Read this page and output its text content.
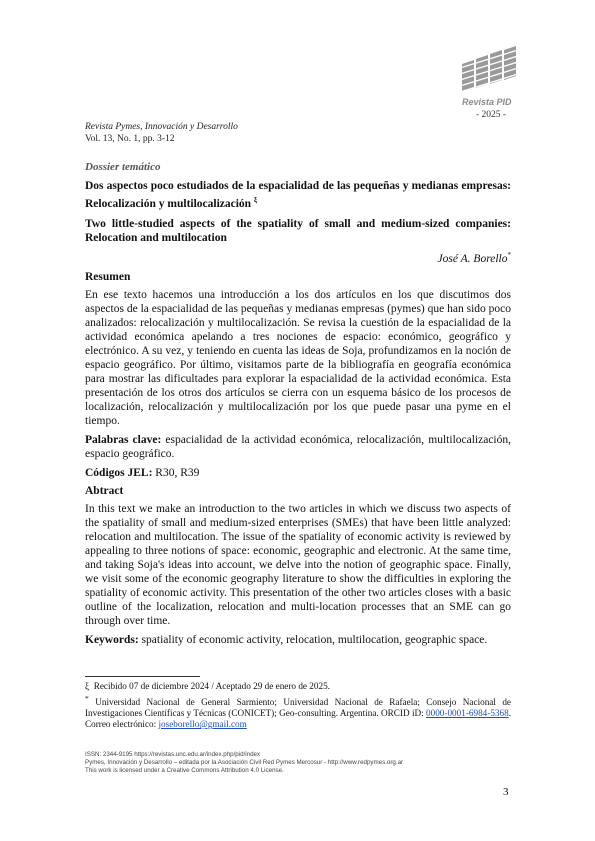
Revista PID
- 2025 -
Revista Pymes, Innovación y Desarrollo
Vol. 13, No. 1, pp. 3-12

Dossier temático

Dos aspectos poco estudiados de la espacialidad de las pequeñas y medianas empresas: Relocalización y multilocalización $^\xi$

Two little-studied aspects of the spatiality of small and medium-sized companies: Relocation and multilocation

José A. Borello*

Resumen

En ese texto hacemos una introducción a los dos artículos en los que discutimos dos aspectos de la espacialidad de las pequeñas y medianas empresas (pymes) que han sido poco analizados: relocalización y multilocalización. Se revisa la cuestión de la espacialidad de la actividad económica apelando a tres nociones de espacio: económico, geográfico y electrónico. A su vez, y teniendo en cuenta las ideas de Soja, profundizamos en la noción de espacio geográfico. Por último, visitamos parte de la bibliografía en geografía económica para mostrar las dificultades para explorar la espacialidad de la actividad económica. Esta presentación de los otros dos artículos se cierra con un esquema básico de los procesos de localización, relocalización y multilocalización por los que puede pasar una pyme en el tiempo.

Palabras clave: espacialidad de la actividad económica, relocalización, multilocalización, espacio geográfico.

Códigos JEL: R30, R39

Abtract

In this text we make an introduction to the two articles in which we discuss two aspects of the spatiality of small and medium-sized enterprises (SMEs) that have been little analyzed: relocation and multilocation. The issue of the spatiality of economic activity is reviewed by appealing to three notions of space: economic, geographic and electronic. At the same time, and taking Soja's ideas into account, we delve into the notion of geographic space. Finally, we visit some of the economic geography literature to show the difficulties in exploring the spatiality of economic activity. This presentation of the other two articles closes with a basic outline of the localization, relocation and multi-location processes that an SME can go through over time.

Keywords: spatiality of economic activity, relocation, multilocation, geographic space.

ξ Recibido 07 de diciembre 2024 / Aceptado 29 de enero de 2025.

* Universidad Nacional de General Sarmiento; Universidad Nacional de Rafaela; Consejo Nacional de Investigaciones Científicas y Técnicas (CONICET); Geo-consulting. Argentina. ORCID iD: 0000-0001-6984-5368. Correo electrónico: joseborello@gmail.com

ISSN: 2344-9195 https://revistas.unc.edu.ar/index.php/pid/index
Pymes, Innovación y Desarrollo – editada por la Asociación Civil Red Pymes Mercosur - http://www.redpymes.org.ar
This work is licensed under a Creative Commons Attribution 4.0 License.
3
